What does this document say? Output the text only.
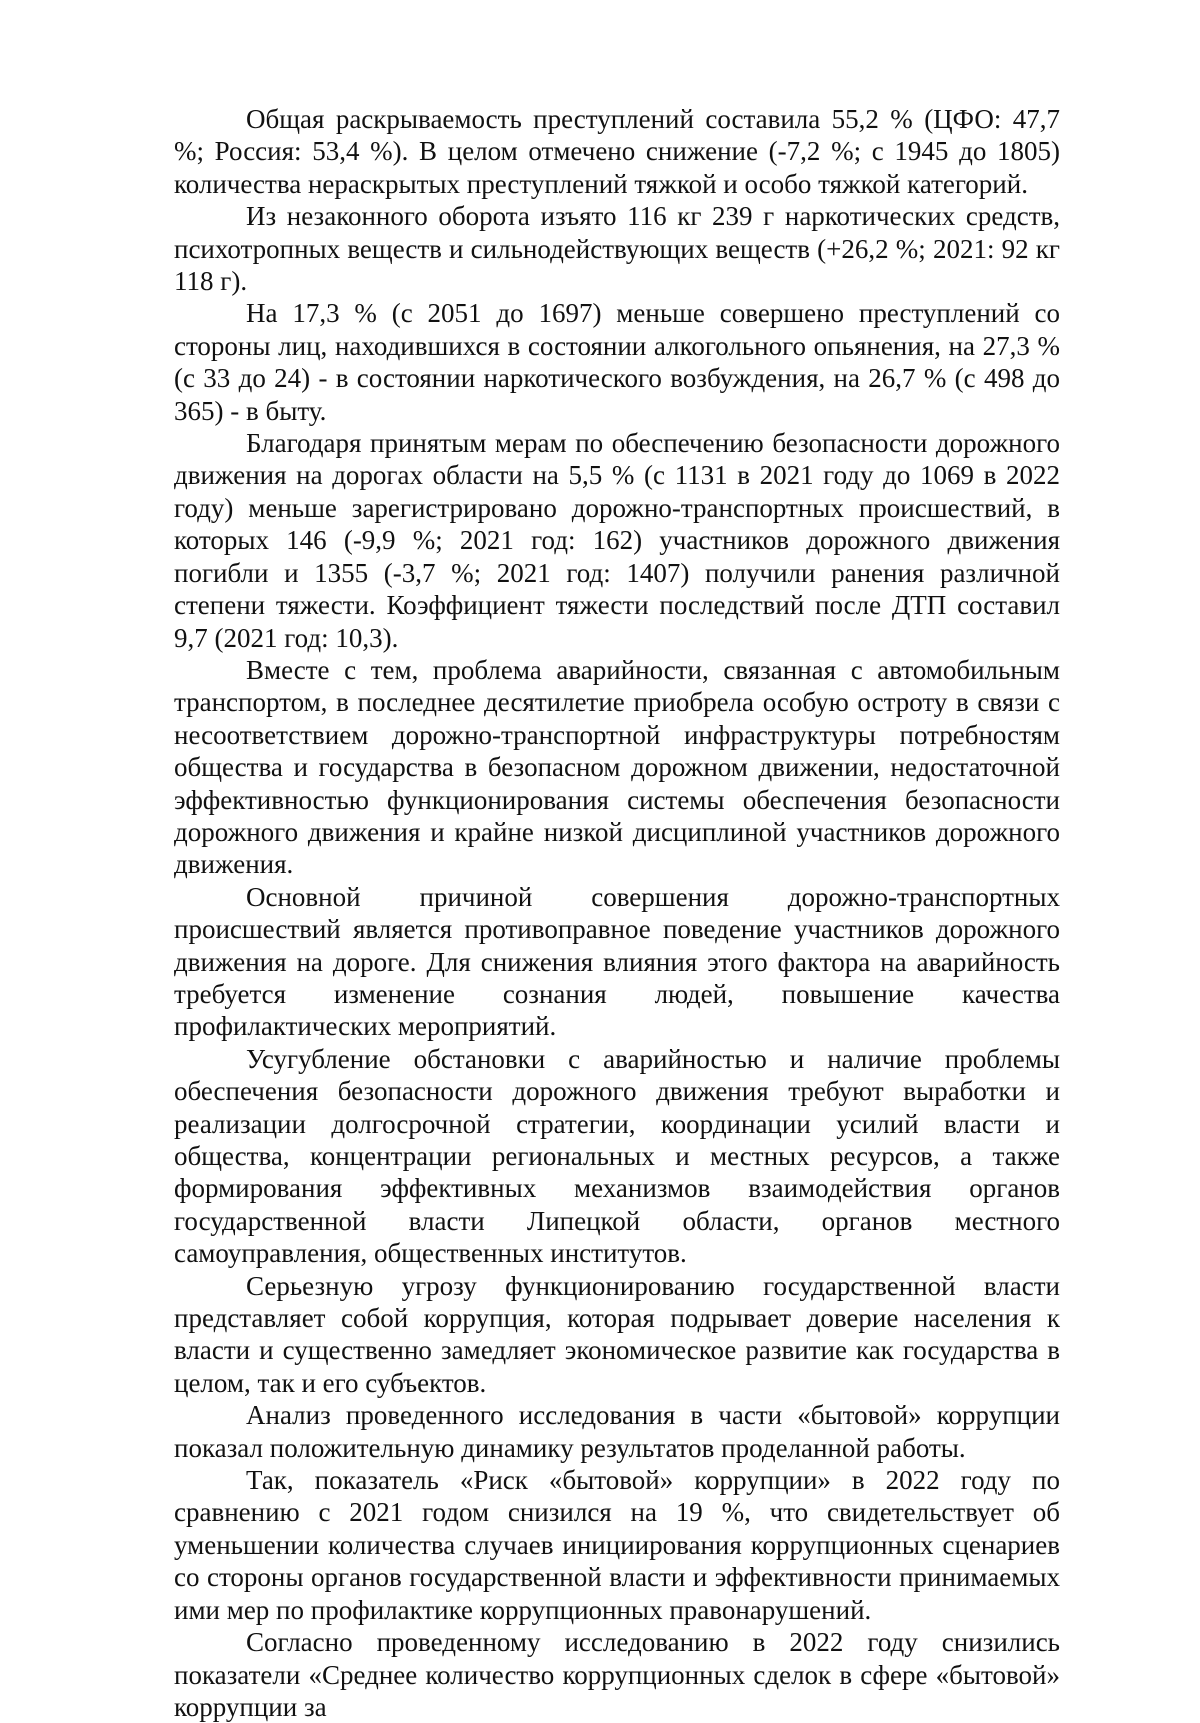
Общая раскрываемость преступлений составила 55,2 % (ЦФО: 47,7 %; Россия: 53,4 %). В целом отмечено снижение (-7,2 %; с 1945 до 1805) количества нераскрытых преступлений тяжкой и особо тяжкой категорий.

Из незаконного оборота изъято 116 кг 239 г наркотических средств, психотропных веществ и сильнодействующих веществ (+26,2 %; 2021: 92 кг 118 г).

На 17,3 % (с 2051 до 1697) меньше совершено преступлений со стороны лиц, находившихся в состоянии алкогольного опьянения, на 27,3 % (с 33 до 24) - в состоянии наркотического возбуждения, на 26,7 % (с 498 до 365) - в быту.

Благодаря принятым мерам по обеспечению безопасности дорожного движения на дорогах области на 5,5 % (с 1131 в 2021 году до 1069 в 2022 году) меньше зарегистрировано дорожно-транспортных происшествий, в которых 146 (-9,9 %; 2021 год: 162) участников дорожного движения погибли и 1355 (-3,7 %; 2021 год: 1407) получили ранения различной степени тяжести. Коэффициент тяжести последствий после ДТП составил 9,7 (2021 год: 10,3).

Вместе с тем, проблема аварийности, связанная с автомобильным транспортом, в последнее десятилетие приобрела особую остроту в связи с несоответствием дорожно-транспортной инфраструктуры потребностям общества и государства в безопасном дорожном движении, недостаточной эффективностью функционирования системы обеспечения безопасности дорожного движения и крайне низкой дисциплиной участников дорожного движения.

Основной причиной совершения дорожно-транспортных происшествий является противоправное поведение участников дорожного движения на дороге. Для снижения влияния этого фактора на аварийность требуется изменение сознания людей, повышение качества профилактических мероприятий.

Усугубление обстановки с аварийностью и наличие проблемы обеспечения безопасности дорожного движения требуют выработки и реализации долгосрочной стратегии, координации усилий власти и общества, концентрации региональных и местных ресурсов, а также формирования эффективных механизмов взаимодействия органов государственной власти Липецкой области, органов местного самоуправления, общественных институтов.

Серьезную угрозу функционированию государственной власти представляет собой коррупция, которая подрывает доверие населения к власти и существенно замедляет экономическое развитие как государства в целом, так и его субъектов.

Анализ проведенного исследования в части «бытовой» коррупции показал положительную динамику результатов проделанной работы.

Так, показатель «Риск «бытовой» коррупции» в 2022 году по сравнению с 2021 годом снизился на 19 %, что свидетельствует об уменьшении количества случаев инициирования коррупционных сценариев со стороны органов государственной власти и эффективности принимаемых ими мер по профилактике коррупционных правонарушений.

Согласно проведенному исследованию в 2022 году снизились показатели «Среднее количество коррупционных сделок в сфере «бытовой» коррупции за
